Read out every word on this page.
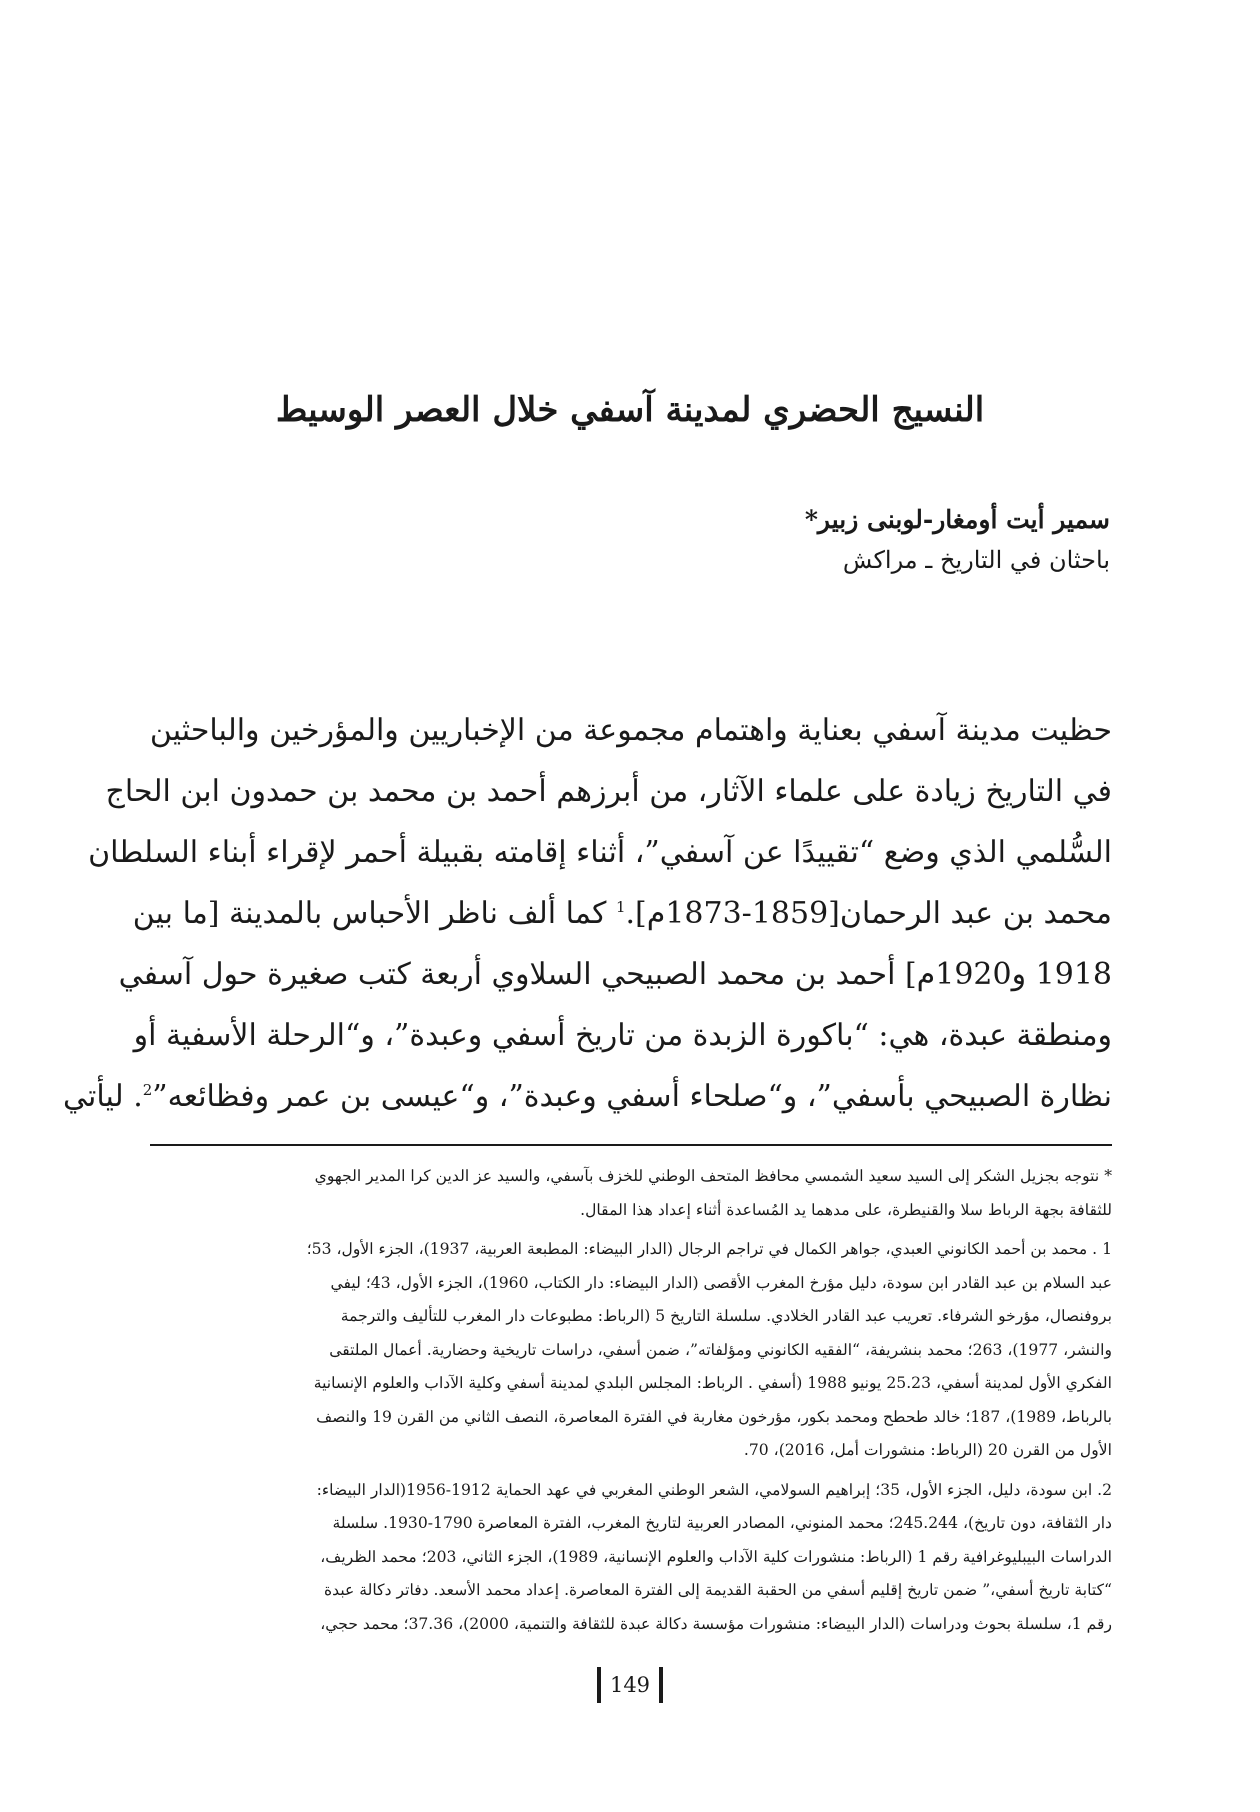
النسيج الحضري لمدينة آسفي خلال العصر الوسيط
سمير أيت أومغار-لوبنى زبير*
باحثان في التاريخ ـ مراكش
حظيت مدينة آسفي بعناية واهتمام مجموعة من الإخباريين والمؤرخين والباحثين
في التاريخ زيادة على علماء الآثار، من أبرزهم أحمد بن محمد بن حمدون ابن الحاج
السُّلمي الذي وضع “تقييدًا عن آسفي”، أثناء إقامته بقبيلة أحمر لإقراء أبناء السلطان
محمد بن عبد الرحمان[1859-1873م].$^1$ كما ألف ناظر الأحباس بالمدينة [ما بين
1918 و1920م] أحمد بن محمد الصبيحي السلاوي أربعة كتب صغيرة حول آسفي
ومنطقة عبدة، هي: “باكورة الزبدة من تاريخ أسفي وعبدة”، و“الرحلة الأسفية أو
نظارة الصبيحي بأسفي”، و“صلحاء أسفي وعبدة”، و“عيسى بن عمر وفظائعه”$^2$. ليأتي
* نتوجه بجزيل الشكر إلى السيد سعيد الشمسي محافظ المتحف الوطني للخزف بآسفي، والسيد عز الدين كرا المدير الجهوي
للثقافة بجهة الرباط سلا والقنيطرة، على مدهما يد المُساعدة أثناء إعداد هذا المقال.
1 . محمد بن أحمد الكانوني العبدي، جواهر الكمال في تراجم الرجال (الدار البيضاء: المطبعة العربية، 1937)، الجزء الأول، 53؛
عبد السلام بن عبد القادر ابن سودة، دليل مؤرخ المغرب الأقصى (الدار البيضاء: دار الكتاب، 1960)، الجزء الأول، 43؛ ليفي
بروفنصال، مؤرخو الشرفاء. تعريب عبد القادر الخلادي. سلسلة التاريخ 5 (الرباط: مطبوعات دار المغرب للتأليف والترجمة
والنشر، 1977)، 263؛ محمد بنشريفة، “الفقيه الكانوني ومؤلفاته”، ضمن أسفي، دراسات تاريخية وحضارية. أعمال الملتقى
الفكري الأول لمدينة أسفي، 25.23 يونيو 1988 (أسفي . الرباط: المجلس البلدي لمدينة أسفي وكلية الآداب والعلوم الإنسانية
بالرباط، 1989)، 187؛ خالد طحطح ومحمد بكور، مؤرخون مغاربة في الفترة المعاصرة، النصف الثاني من القرن 19 والنصف
الأول من القرن 20 (الرباط: منشورات أمل، 2016)، 70.
2. ابن سودة، دليل، الجزء الأول، 35؛ إبراهيم السولامي، الشعر الوطني المغربي في عهد الحماية 1912-1956(الدار البيضاء:
دار الثقافة، دون تاريخ)، 245.244؛ محمد المنوني، المصادر العربية لتاريخ المغرب، الفترة المعاصرة 1790-1930. سلسلة
الدراسات البيبليوغرافية رقم 1 (الرباط: منشورات كلية الآداب والعلوم الإنسانية، 1989)، الجزء الثاني، 203؛ محمد الظريف،
“كتابة تاريخ أسفي،” ضمن تاريخ إقليم أسفي من الحقبة القديمة إلى الفترة المعاصرة. إعداد محمد الأسعد. دفاتر دكالة عبدة
رقم 1، سلسلة بحوث ودراسات (الدار البيضاء: منشورات مؤسسة دكالة عبدة للثقافة والتنمية، 2000)، 37.36؛ محمد حجي،
149
